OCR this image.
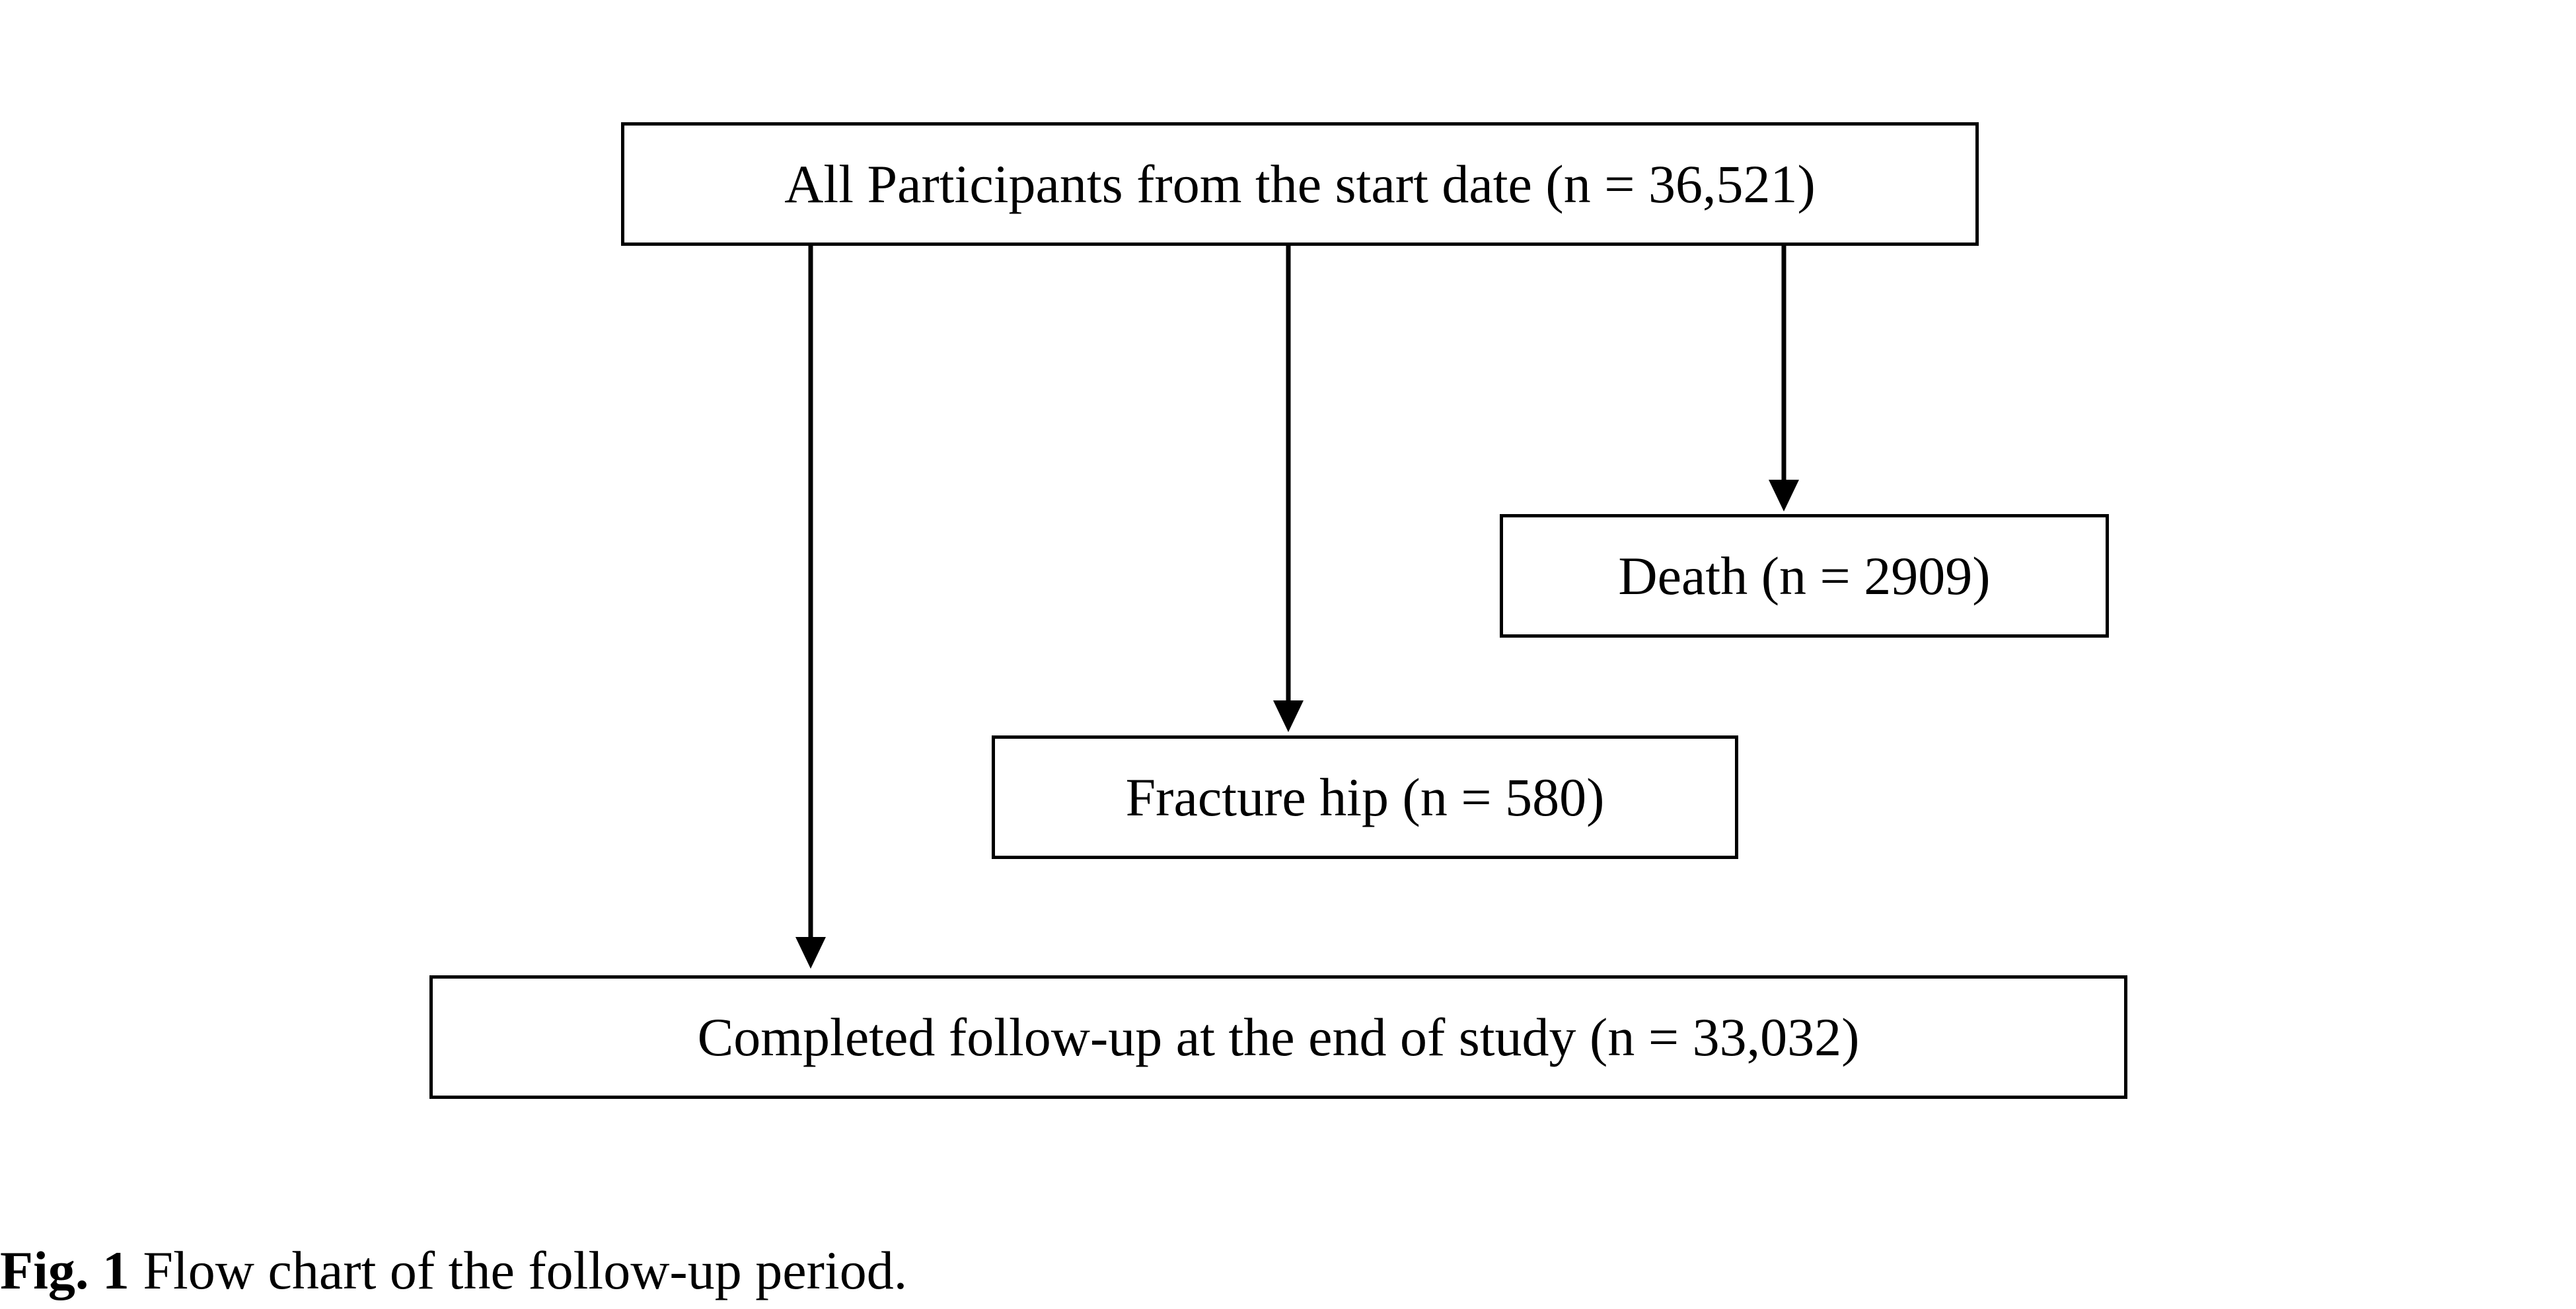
All Participants from the start date (n = 36,521)
Death (n = 2909)
Fracture hip (n = 580)
Completed follow-up at the end of study (n = 33,032)
Fig. 1 Flow chart of the follow-up period.
